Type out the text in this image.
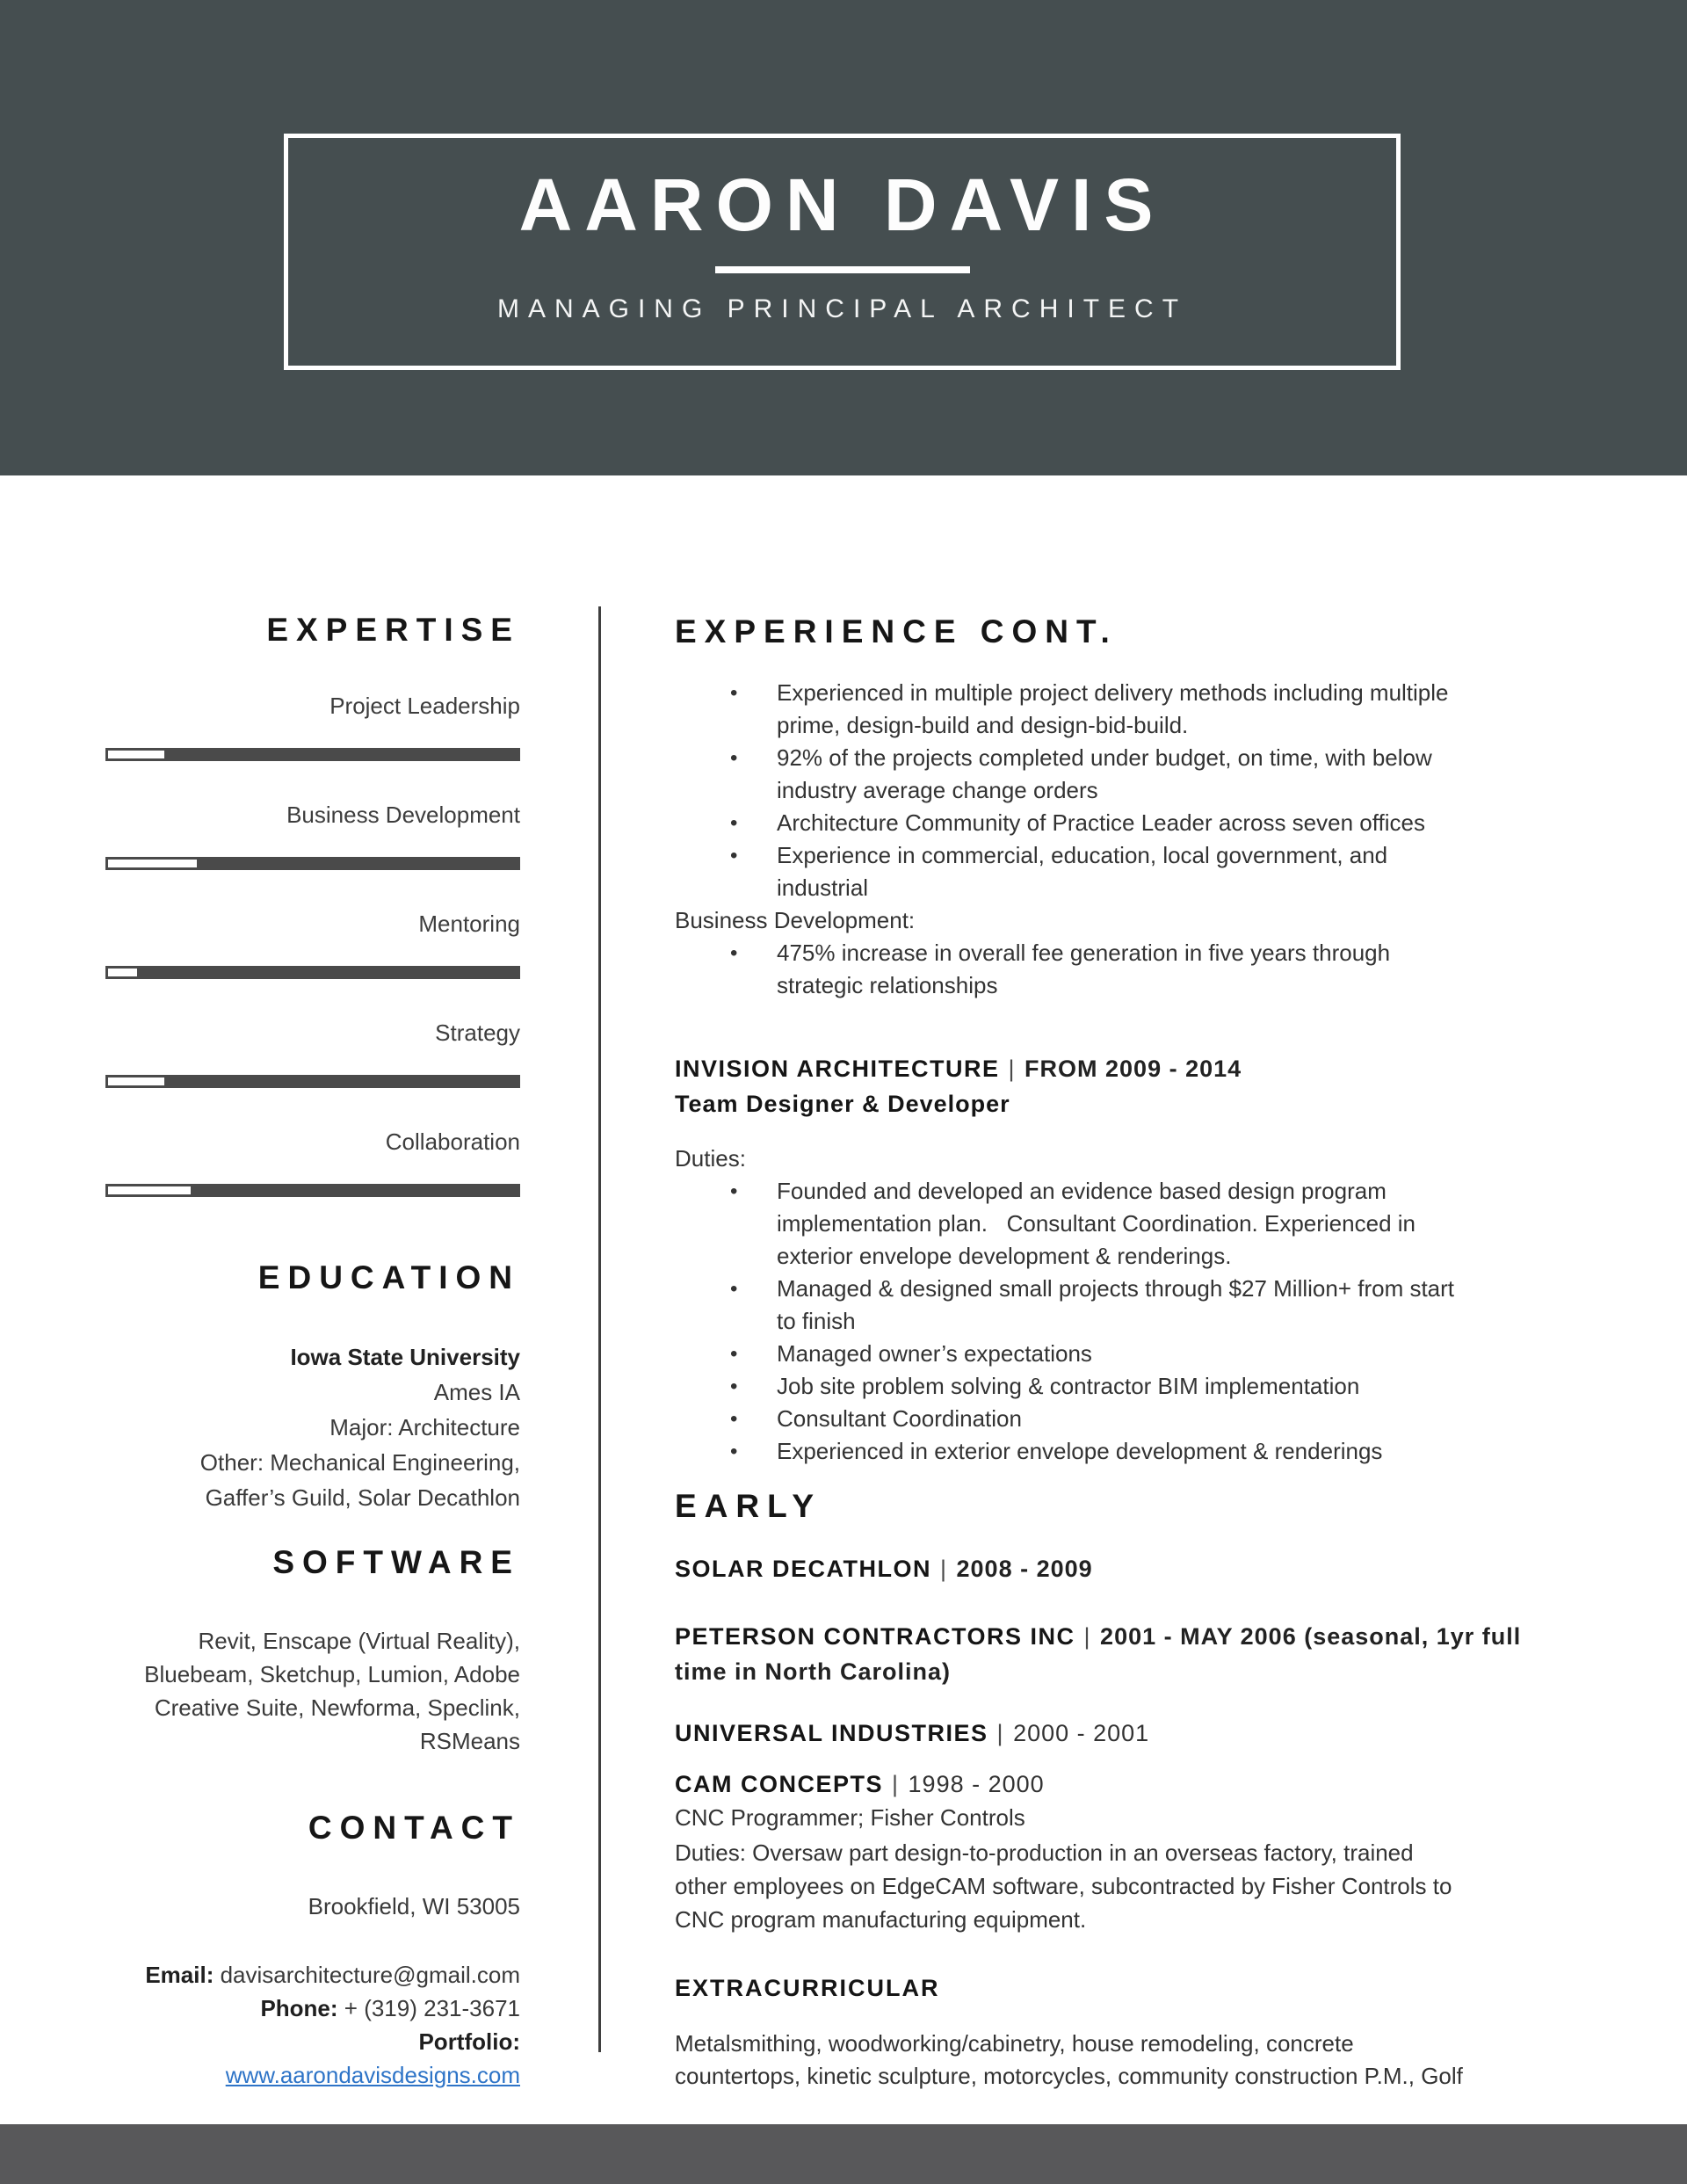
AARON DAVIS
MANAGING PRINCIPAL ARCHITECT
EXPERTISE
Project Leadership
Business Development
Mentoring
Strategy
Collaboration
EDUCATION
Iowa State University
Ames IA
Major: Architecture
Other: Mechanical Engineering,
Gaffer’s Guild, Solar Decathlon
SOFTWARE
Revit, Enscape (Virtual Reality),
Bluebeam, Sketchup, Lumion, Adobe
Creative Suite, Newforma, Speclink,
RSMeans
CONTACT
Brookfield, WI 53005
Email: davisarchitecture@gmail.com
Phone: + (319) 231-3671
Portfolio:
www.aarondavisdesigns.com
EXPERIENCE CONT.
• Experienced in multiple project delivery methods including multiple
prime, design-build and design-bid-build.
• 92% of the projects completed under budget, on time, with below
industry average change orders
• Architecture Community of Practice Leader across seven offices
• Experience in commercial, education, local government, and
industrial

Business Development:

• 475% increase in overall fee generation in five years through
strategic relationships
INVISION ARCHITECTURE | FROM 2009 - 2014
Team Designer & Developer

Duties:

• Founded and developed an evidence based design program
implementation plan.   Consultant Coordination. Experienced in
exterior envelope development & renderings.
• Managed & designed small projects through $27 Million+ from start
to finish
• Managed owner’s expectations
• Job site problem solving & contractor BIM implementation
• Consultant Coordination
• Experienced in exterior envelope development & renderings
EARLY
SOLAR DECATHLON | 2008 - 2009
PETERSON CONTRACTORS INC | 2001 - MAY 2006 (seasonal, 1yr full
time in North Carolina)
UNIVERSAL INDUSTRIES | 2000 - 2001
CAM CONCEPTS | 1998 - 2000

CNC Programmer; Fisher Controls

Duties: Oversaw part design-to-production in an overseas factory, trained
other employees on EdgeCAM software, subcontracted by Fisher Controls to
CNC program manufacturing equipment.

EXTRACURRICULAR

Metalsmithing, woodworking/cabinetry, house remodeling, concrete
countertops, kinetic sculpture, motorcycles, community construction P.M., Golf
